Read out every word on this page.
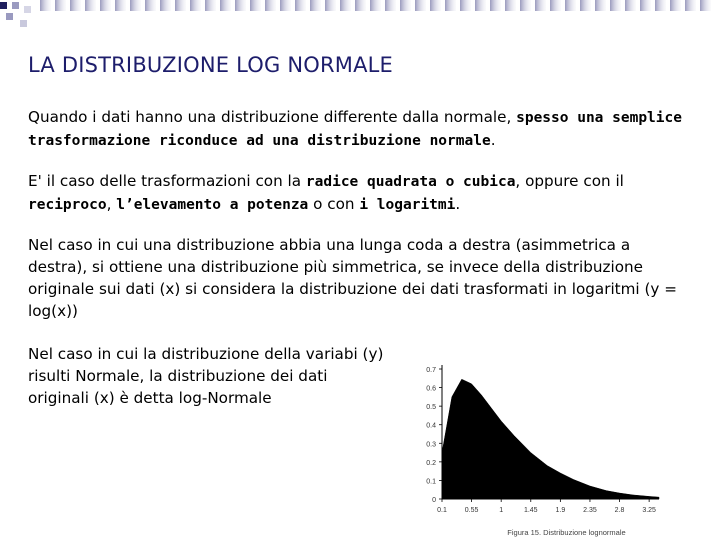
LA DISTRIBUZIONE LOG NORMALE
Quando i dati hanno una distribuzione differente dalla normale, spesso una semplice trasformazione riconduce ad una distribuzione normale.
E' il caso delle trasformazioni con la radice quadrata o cubica, oppure con il reciproco, l’elevamento a potenza o con i logaritmi.
Nel caso in cui una distribuzione abbia una lunga coda a destra (asimmetrica a destra), si ottiene una distribuzione più simmetrica, se invece della distribuzione originale sui dati (x) si considera la distribuzione dei dati trasformati in logaritmi (y = log(x))
Nel caso in cui la distribuzione della variabi (y) risulti Normale, la distribuzione dei dati originali (x) è detta log-Normale
0.7
0.6
0.5
0.4
0.3
0.2
0.1
0
0.1	0.55	1	1.45	1.9	2.35	2.8	3.25
Figura 15. Distribuzione lognormale
